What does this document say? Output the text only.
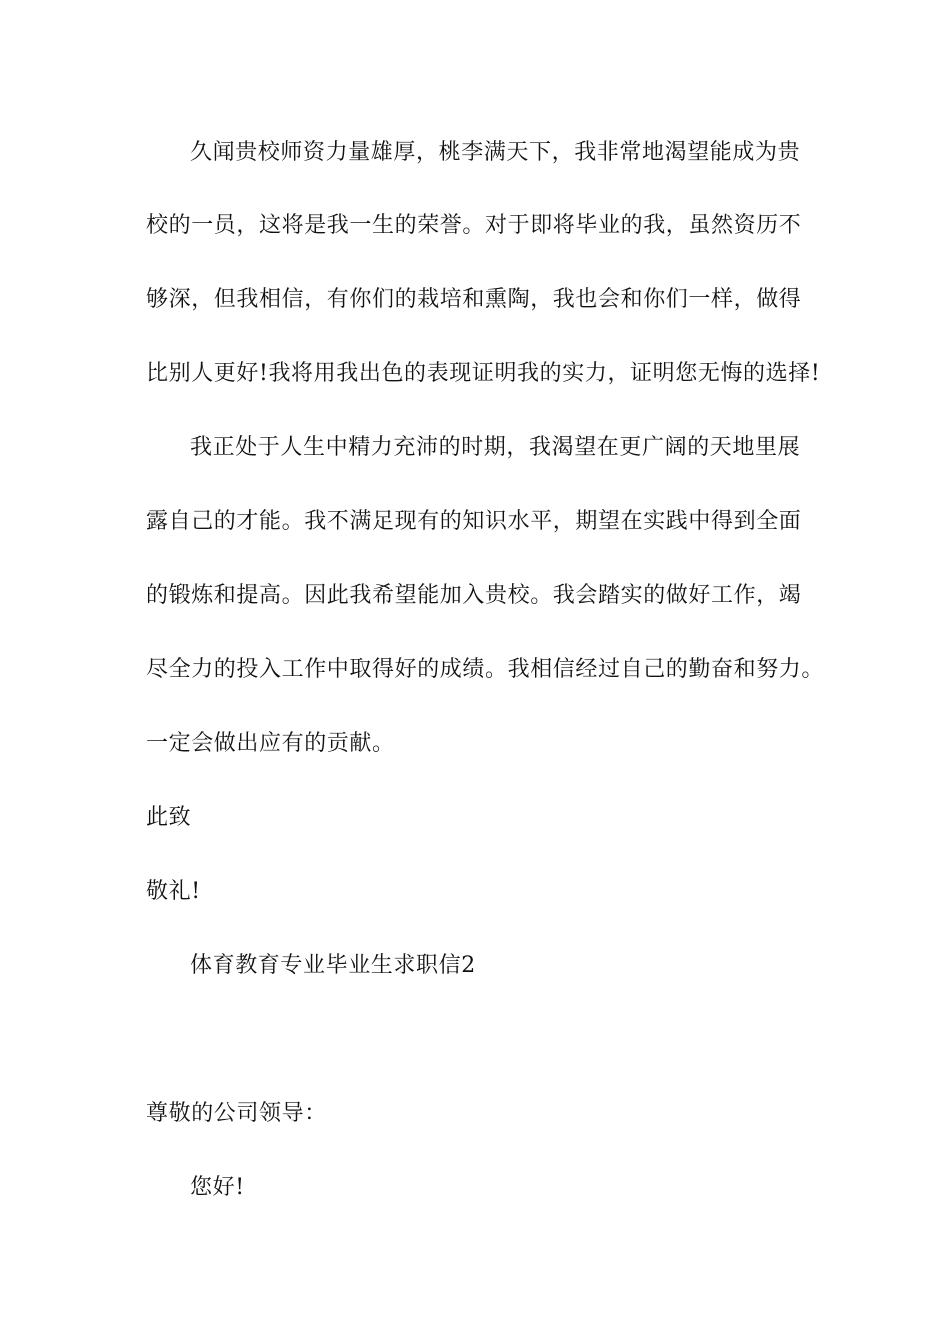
久闻贵校师资力量雄厚，桃李满天下，我非常地渴望能成为贵
校的一员，这将是我一生的荣誉。对于即将毕业的我，虽然资历不
够深，但我相信，有你们的栽培和熏陶，我也会和你们一样，做得
比别人更好!我将用我出色的表现证明我的实力，证明您无悔的选择!
我正处于人生中精力充沛的时期，我渴望在更广阔的天地里展
露自己的才能。我不满足现有的知识水平，期望在实践中得到全面
的锻炼和提高。因此我希望能加入贵校。我会踏实的做好工作，竭
尽全力的投入工作中取得好的成绩。我相信经过自己的勤奋和努力。
一定会做出应有的贡献。
此致
敬礼!
体育教育专业毕业生求职信2
尊敬的公司领导：
您好!
